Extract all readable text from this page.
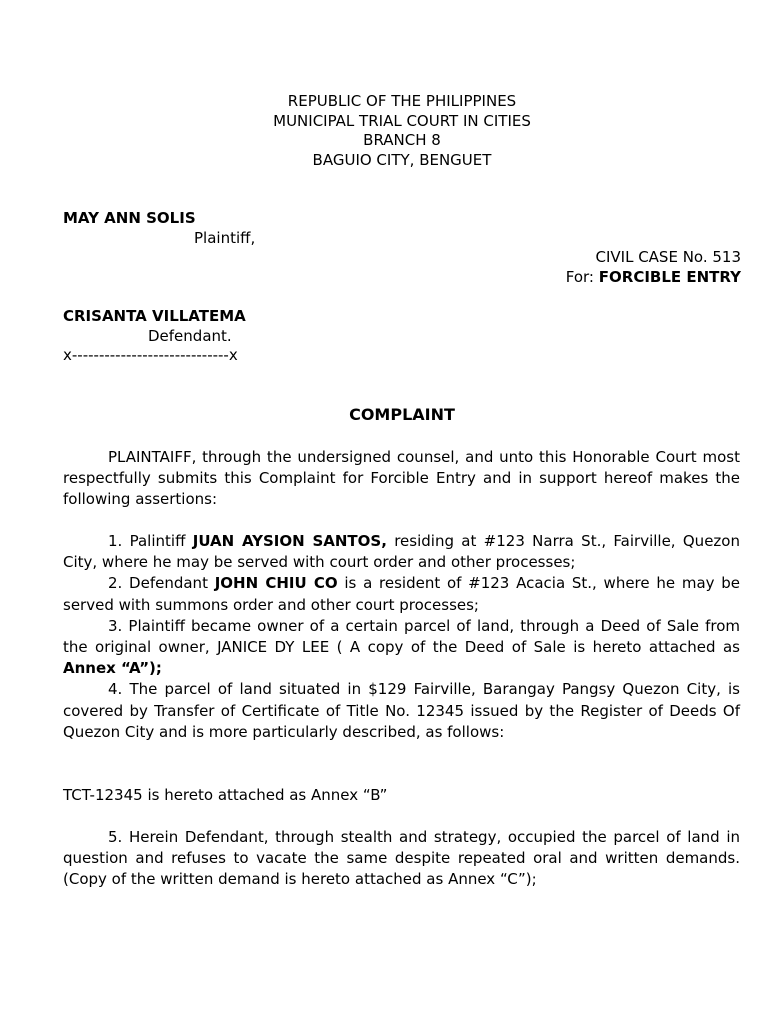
REPUBLIC OF THE PHILIPPINES
MUNICIPAL TRIAL COURT IN CITIES
BRANCH 8
BAGUIO CITY, BENGUET
MAY ANN SOLIS
Plaintiff,
CIVIL CASE No. 513
For: FORCIBLE ENTRY
CRISANTA VILLATEMA
Defendant.
x-----------------------------x
COMPLAINT
PLAINTAIFF, through the undersigned counsel, and unto this Honorable Court most respectfully submits this Complaint for Forcible Entry and in support hereof makes the following assertions:
1. Palintiff JUAN AYSION SANTOS, residing at #123 Narra St., Fairville, Quezon City, where he may be served with court order and other processes;
2. Defendant JOHN CHIU CO is a resident of #123 Acacia St., where he may be served with summons order and other court processes;
3. Plaintiff became owner of a certain parcel of land, through a Deed of Sale from the original owner, JANICE DY LEE ( A copy of the Deed of Sale is hereto attached as Annex “A”);
4. The parcel of land situated in $129 Fairville, Barangay Pangsy Quezon City, is covered by Transfer of Certificate of Title No. 12345 issued by the Register of Deeds Of Quezon City and is more particularly described, as follows:
TCT-12345 is hereto attached as Annex “B”
5. Herein Defendant, through stealth and strategy, occupied the parcel of land in question and refuses to vacate the same despite repeated oral and written demands. (Copy of the written demand is hereto attached as Annex “C”);
